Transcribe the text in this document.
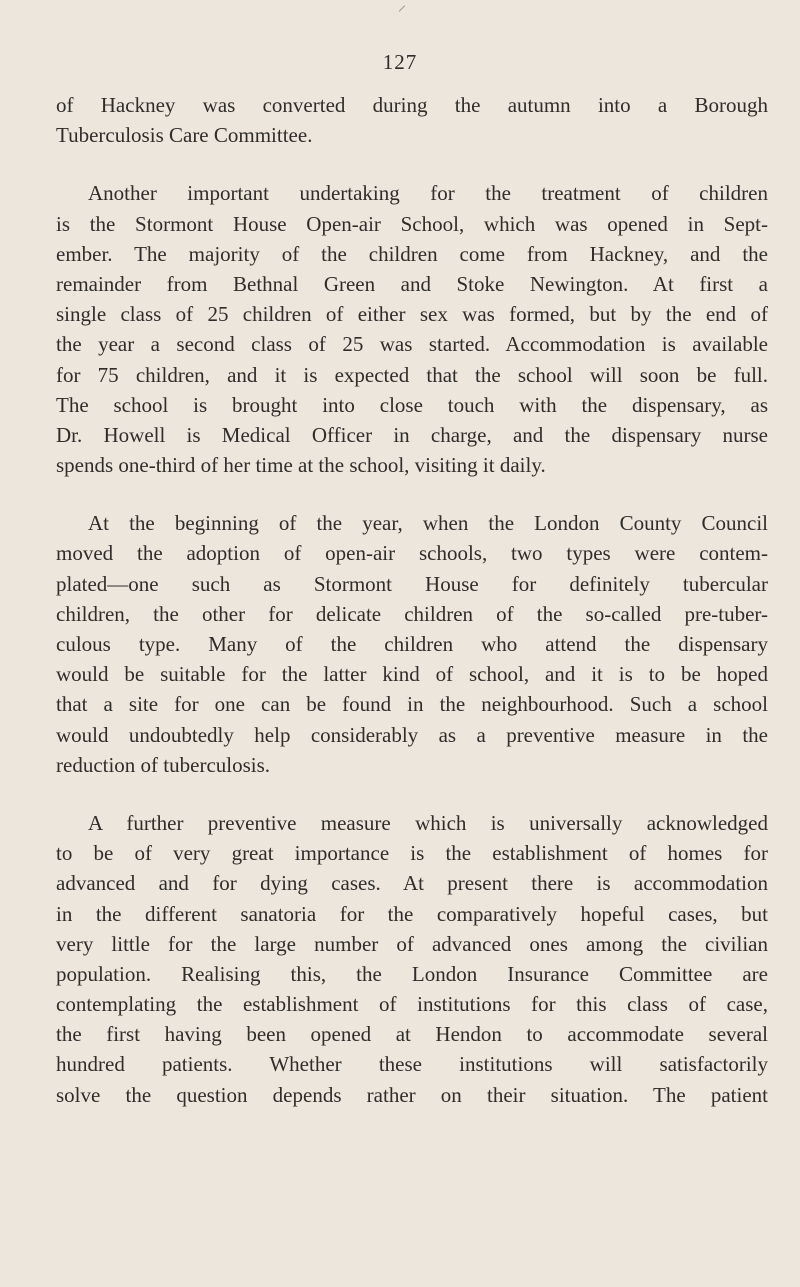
127
of Hackney was converted during the autumn into a Borough
Tuberculosis Care Committee.
Another important undertaking for the treatment of children
is the Stormont House Open-air School, which was opened in Sept-
ember. The majority of the children come from Hackney, and the
remainder from Bethnal Green and Stoke Newington. At first a
single class of 25 children of either sex was formed, but by the end of
the year a second class of 25 was started. Accommodation is available
for 75 children, and it is expected that the school will soon be full.
The school is brought into close touch with the dispensary, as
Dr. Howell is Medical Officer in charge, and the dispensary nurse
spends one-third of her time at the school, visiting it daily.
At the beginning of the year, when the London County Council
moved the adoption of open-air schools, two types were contem-
plated—one such as Stormont House for definitely tubercular
children, the other for delicate children of the so-called pre-tuber-
culous type. Many of the children who attend the dispensary
would be suitable for the latter kind of school, and it is to be hoped
that a site for one can be found in the neighbourhood. Such a school
would undoubtedly help considerably as a preventive measure in the
reduction of tuberculosis.
A further preventive measure which is universally acknowledged
to be of very great importance is the establishment of homes for
advanced and for dying cases. At present there is accommodation
in the different sanatoria for the comparatively hopeful cases, but
very little for the large number of advanced ones among the civilian
population. Realising this, the London Insurance Committee are
contemplating the establishment of institutions for this class of case,
the first having been opened at Hendon to accommodate several
hundred patients. Whether these institutions will satisfactorily
solve the question depends rather on their situation. The patient
